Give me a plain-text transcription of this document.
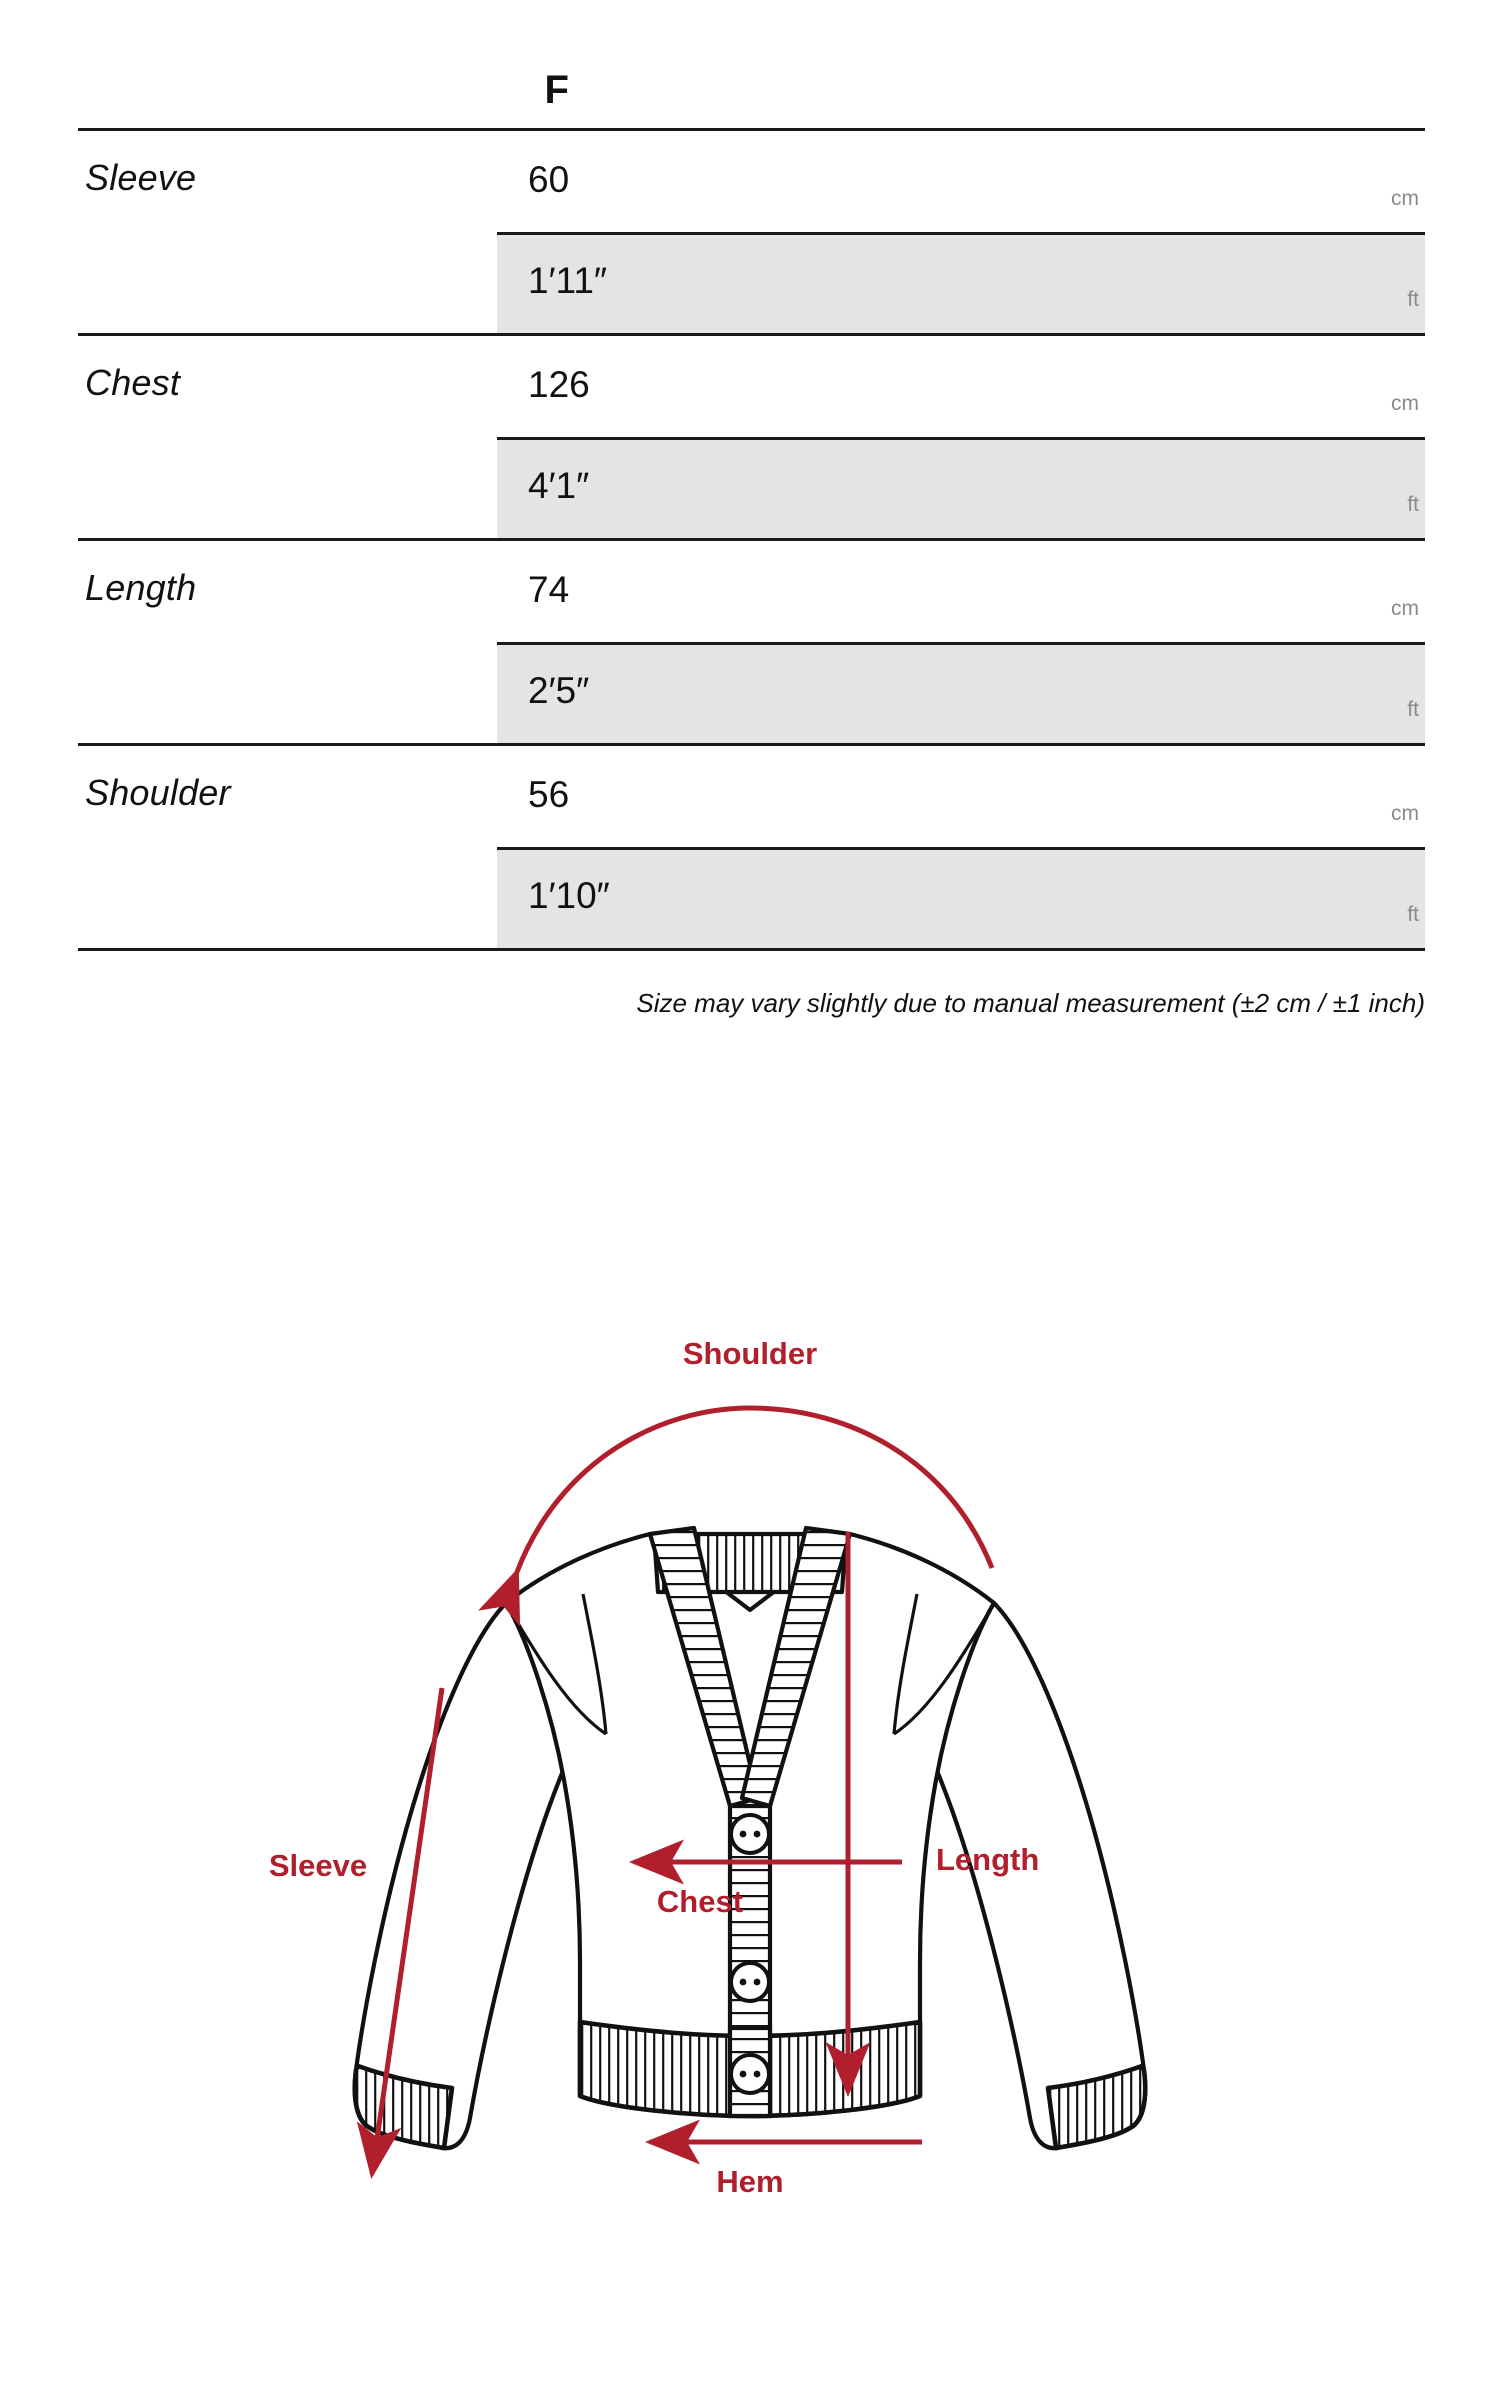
F
Sleeve	60	cm
1′11″	ft
Chest	126	cm
4′1″	ft
Length	74	cm
2′5″	ft
Shoulder	56	cm
1′10″	ft
Size may vary slightly due to manual measurement (±2 cm / ±1 inch)
Shoulder
Sleeve
Chest
Length
Hem
